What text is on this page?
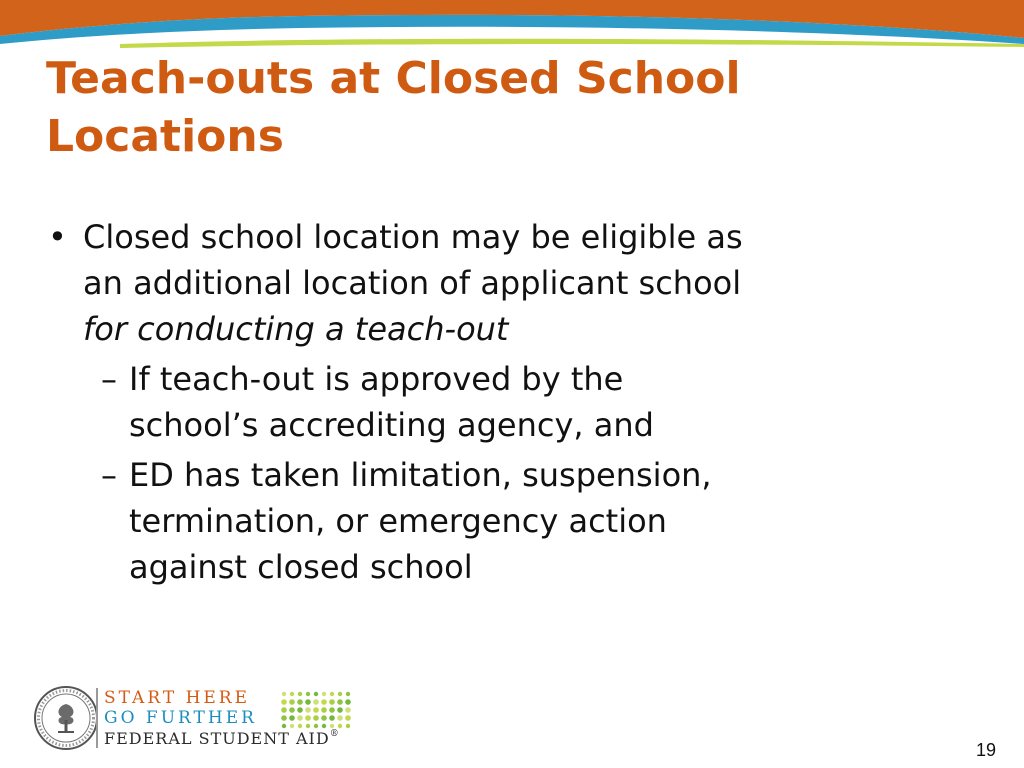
Teach-outs at Closed School Locations
• Closed school location may be eligible as
an additional location of applicant school
for conducting a teach-out
– If teach-out is approved by the
school’s accrediting agency, and
– ED has taken limitation, suspension,
termination, or emergency action
against closed school
START HERE
GO FURTHER
FEDERAL STUDENT AID®
19
